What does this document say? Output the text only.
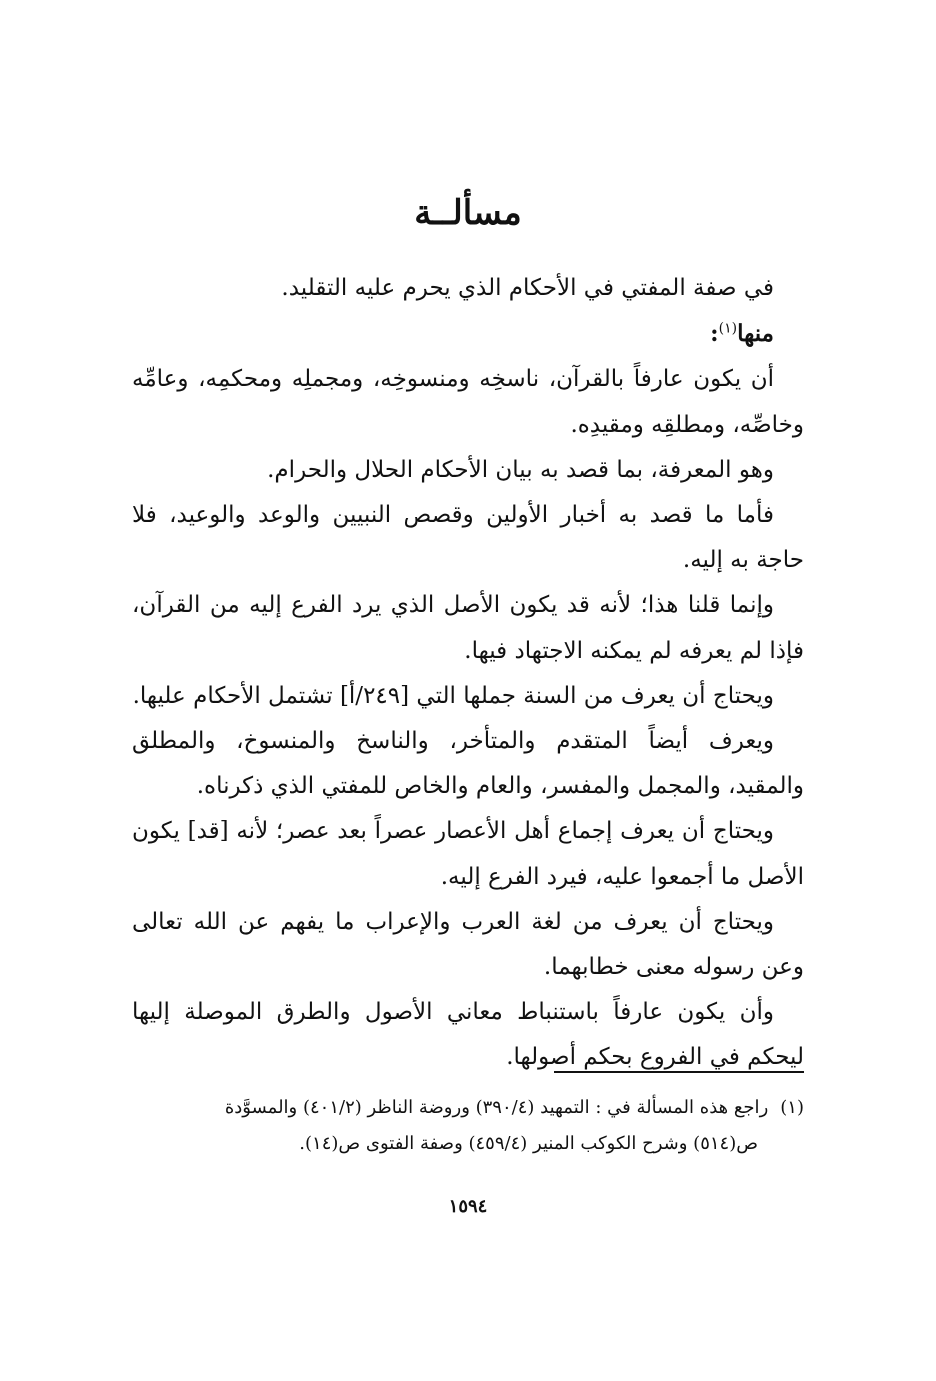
مسألــة

في صفة المفتي في الأحكام الذي يحرم عليه التقليد.

منها$^{(١)}$:

أن يكون عارفاً بالقرآن، ناسخِه ومنسوخِه، ومجملِه ومحكمِه، وعامِّه وخاصِّه، ومطلقِه ومقيدِه.

وهو المعرفة، بما قصد به بيان الأحكام الحلال والحرام.

فأما ما قصد به أخبار الأولين وقصص النبيين والوعد والوعيد، فلا حاجة به إليه.

وإنما قلنا هذا؛ لأنه قد يكون الأصل الذي يرد الفرع إليه من القرآن، فإذا لم يعرفه لم يمكنه الاجتهاد فيها.

ويحتاج أن يعرف من السنة جملها التي [٢٤٩/أ] تشتمل الأحكام عليها.

ويعرف أيضاً المتقدم والمتأخر، والناسخ والمنسوخ، والمطلق والمقيد، والمجمل والمفسر، والعام والخاص للمفتي الذي ذكرناه.

ويحتاج أن يعرف إجماع أهل الأعصار عصراً بعد عصر؛ لأنه [قد] يكون الأصل ما أجمعوا عليه، فيرد الفرع إليه.

ويحتاج أن يعرف من لغة العرب والإعراب ما يفهم عن الله تعالى وعن رسوله معنى خطابهما.

وأن يكون عارفاً باستنباط معاني الأصول والطرق الموصلة إليها ليحكم في الفروع بحكم أصولها.

(١)راجع هذه المسألة في : التمهيد (٣٩٠/٤) وروضة الناظر (٤٠١/٢) والمسوَّدة
ص(٥١٤) وشرح الكوكب المنير (٤٥٩/٤) وصفة الفتوى ص(١٤).
١٥٩٤
